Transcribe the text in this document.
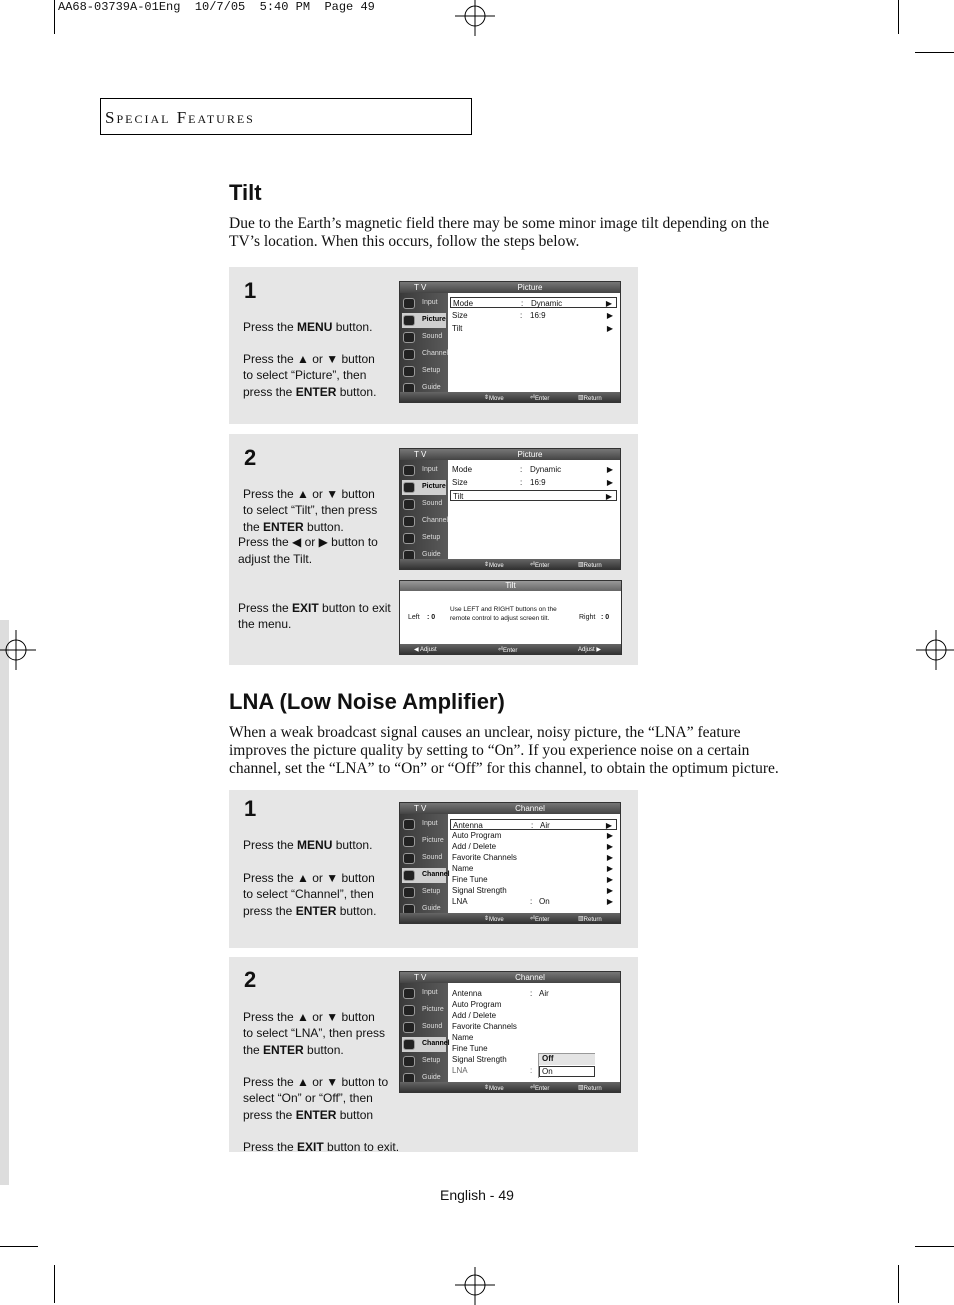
AA68-03739A-01Eng  10/7/05  5:40 PM  Page 49
Special Features
Tilt
Due to the Earth’s magnetic field there may be some minor image tilt depending on the
TV’s location. When this occurs, follow the steps below.
1

Press the MENU button.

Press the ▲ or ▼ button
to select “Picture”, then
press the ENTER button.

T V	Picture
Input
Picture
Sound
Channel
Setup
Guide
Mode	: Dynamic	▶
Size	: 16:9	▶
Tilt	▶
⇕ Move	⏎ Enter	▥ Return
2

Press the ▲ or ▼ button
to select “Tilt”, then press
the ENTER button.

Press the ◀ or ▶ button to
adjust the Tilt.

Press the EXIT button to exit
the menu.

T V	Picture
Input
Picture
Sound
Channel
Setup
Guide
Mode	: Dynamic	▶
Size	: 16:9	▶
Tilt	▶
⇕ Move	⏎ Enter	▥ Return
Tilt
Left : 0
Use LEFT and RIGHT buttons on the
remote control to adjust screen tilt.	Right : 0
◀ Adjust	⏎ Enter	Adjust ▶
LNA (Low Noise Amplifier)
When a weak broadcast signal causes an unclear, noisy picture, the “LNA” feature
improves the picture quality by setting to “On”. If you experience noise on a certain
channel, set the “LNA” to “On” or “Off” for this channel, to obtain the optimum picture.
1

Press the MENU button.

Press the ▲ or ▼ button
to select “Channel”, then
press the ENTER button.

T V	Channel
Input
Picture
Sound
Channel
Setup
Guide
Antenna	: Air	▶
Auto Program	▶
Add / Delete	▶
Favorite Channels	▶
Name	▶
Fine Tune	▶
Signal Strength	▶
LNA	: On	▶
⇕ Move	⏎ Enter	▥ Return
2

Press the ▲ or ▼ button
to select “LNA”, then press
the ENTER button.

Press the ▲ or ▼ button to
select “On” or “Off”, then
press the ENTER button

Press the EXIT button to exit.

T V	Channel
Input
Picture
Sound
Channel
Setup
Guide
Antenna	: Air
Auto Program
Add / Delete
Favorite Channels
Name
Fine Tune
Signal Strength
LNA	:
Off
On
⇕ Move	⏎ Enter	▥ Return
English - 49
